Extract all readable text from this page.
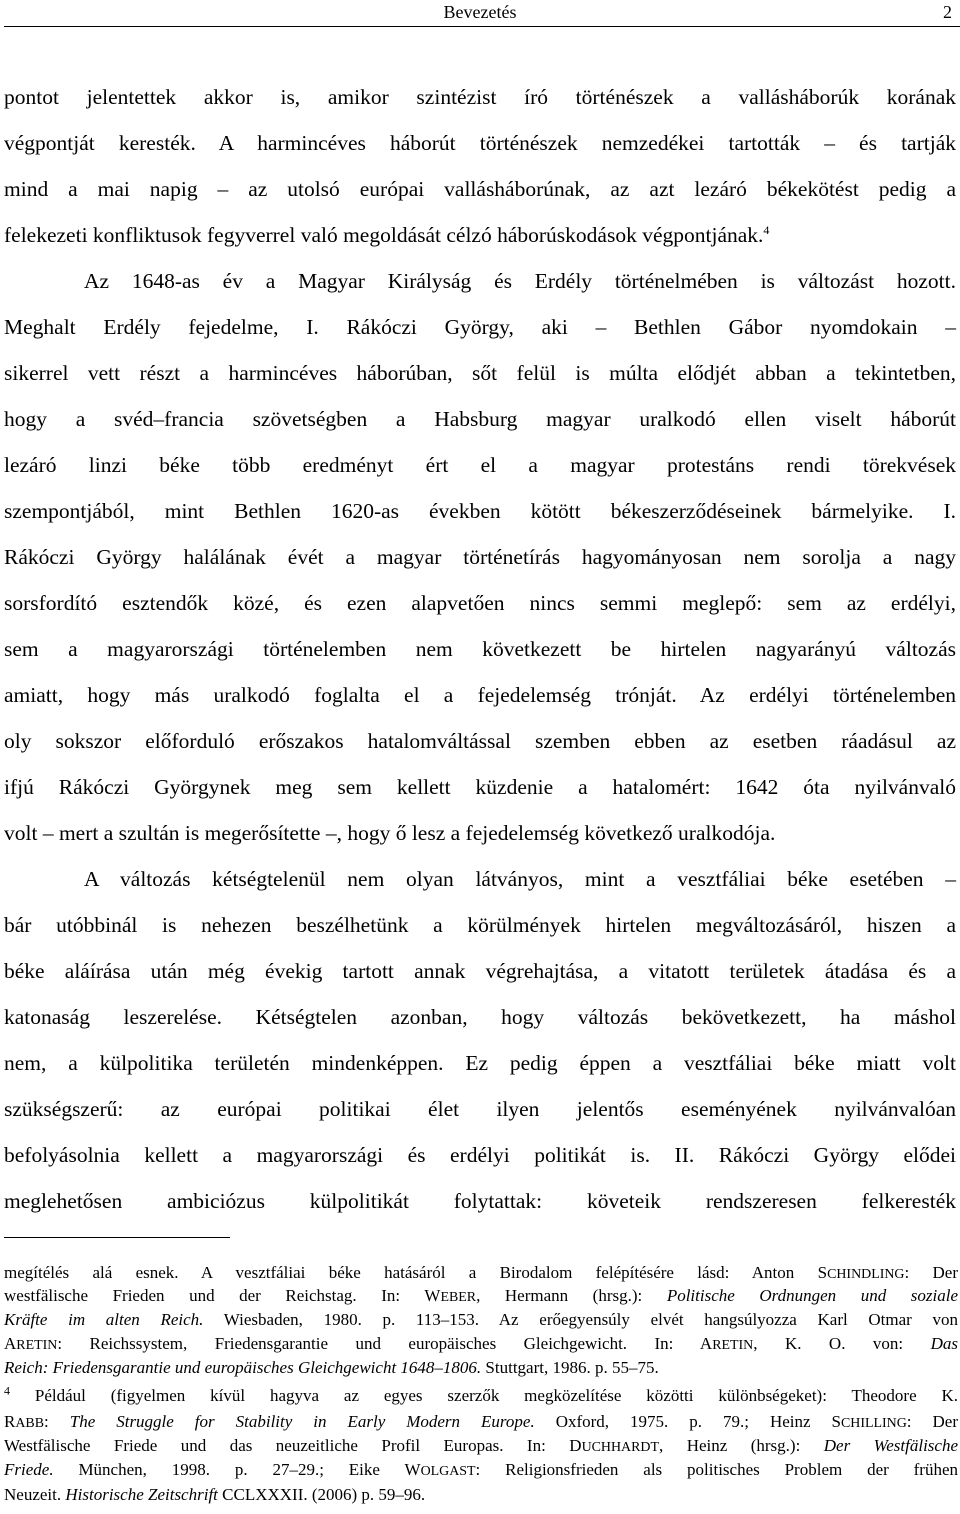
Bevezetés	2
pontot jelentettek akkor is, amikor szintézist író történészek a vallásháborúk korának
végpontját keresték. A harmincéves háborút történészek nemzedékei tartották – és tartják
mind a mai napig – az utolsó európai vallásháborúnak, az azt lezáró békekötést pedig a
felekezeti konfliktusok fegyverrel való megoldását célzó háborúskodások végpontjának.$^4$
Az 1648-as év a Magyar Királyság és Erdély történelmében is változást hozott.
Meghalt Erdély fejedelme, I. Rákóczi György, aki – Bethlen Gábor nyomdokain –
sikerrel vett részt a harmincéves háborúban, sőt felül is múlta elődjét abban a tekintetben,
hogy a svéd–francia szövetségben a Habsburg magyar uralkodó ellen viselt háborút
lezáró linzi béke több eredményt ért el a magyar protestáns rendi törekvések
szempontjából, mint Bethlen 1620-as években kötött békeszerződéseinek bármelyike. I.
Rákóczi György halálának évét a magyar történetírás hagyományosan nem sorolja a nagy
sorsfordító esztendők közé, és ezen alapvetően nincs semmi meglepő: sem az erdélyi,
sem a magyarországi történelemben nem következett be hirtelen nagyarányú változás
amiatt, hogy más uralkodó foglalta el a fejedelemség trónját. Az erdélyi történelemben
oly sokszor előforduló erőszakos hatalomváltással szemben ebben az esetben ráadásul az
ifjú Rákóczi Györgynek meg sem kellett küzdenie a hatalomért: 1642 óta nyilvánvaló
volt – mert a szultán is megerősítette –, hogy ő lesz a fejedelemség következő uralkodója.
A változás kétségtelenül nem olyan látványos, mint a vesztfáliai béke esetében –
bár utóbbinál is nehezen beszélhetünk a körülmények hirtelen megváltozásáról, hiszen a
béke aláírása után még évekig tartott annak végrehajtása, a vitatott területek átadása és a
katonaság leszerelése. Kétségtelen azonban, hogy változás bekövetkezett, ha máshol
nem, a külpolitika területén mindenképpen. Ez pedig éppen a vesztfáliai béke miatt volt
szükségszerű: az európai politikai élet ilyen jelentős eseményének nyilvánvalóan
befolyásolnia kellett a magyarországi és erdélyi politikát is. II. Rákóczi György elődei
meglehetősen ambiciózus külpolitikát folytattak: követeik rendszeresen felkeresték
megítélés alá esnek. A vesztfáliai béke hatásáról a Birodalom felépítésére lásd: Anton SCHINDLING: Der
westfälische Frieden und der Reichstag. In: WEBER, Hermann (hrsg.): Politische Ordnungen und soziale
Kräfte im alten Reich. Wiesbaden, 1980. p. 113–153. Az erőegyensúly elvét hangsúlyozza Karl Otmar von
ARETIN: Reichssystem, Friedensgarantie und europäisches Gleichgewicht. In: ARETIN, K. O. von: Das
Reich: Friedensgarantie und europäisches Gleichgewicht 1648–1806. Stuttgart, 1986. p. 55–75.
$^4$ Például (figyelmen kívül hagyva az egyes szerzők megközelítése közötti különbségeket): Theodore K.
RABB: The Struggle for Stability in Early Modern Europe. Oxford, 1975. p. 79.; Heinz SCHILLING: Der
Westfälische Friede und das neuzeitliche Profil Europas. In: DUCHHARDT, Heinz (hrsg.): Der Westfälische
Friede. München, 1998. p. 27–29.; Eike WOLGAST: Religionsfrieden als politisches Problem der frühen
Neuzeit. Historische Zeitschrift CCLXXXII. (2006) p. 59–96.
